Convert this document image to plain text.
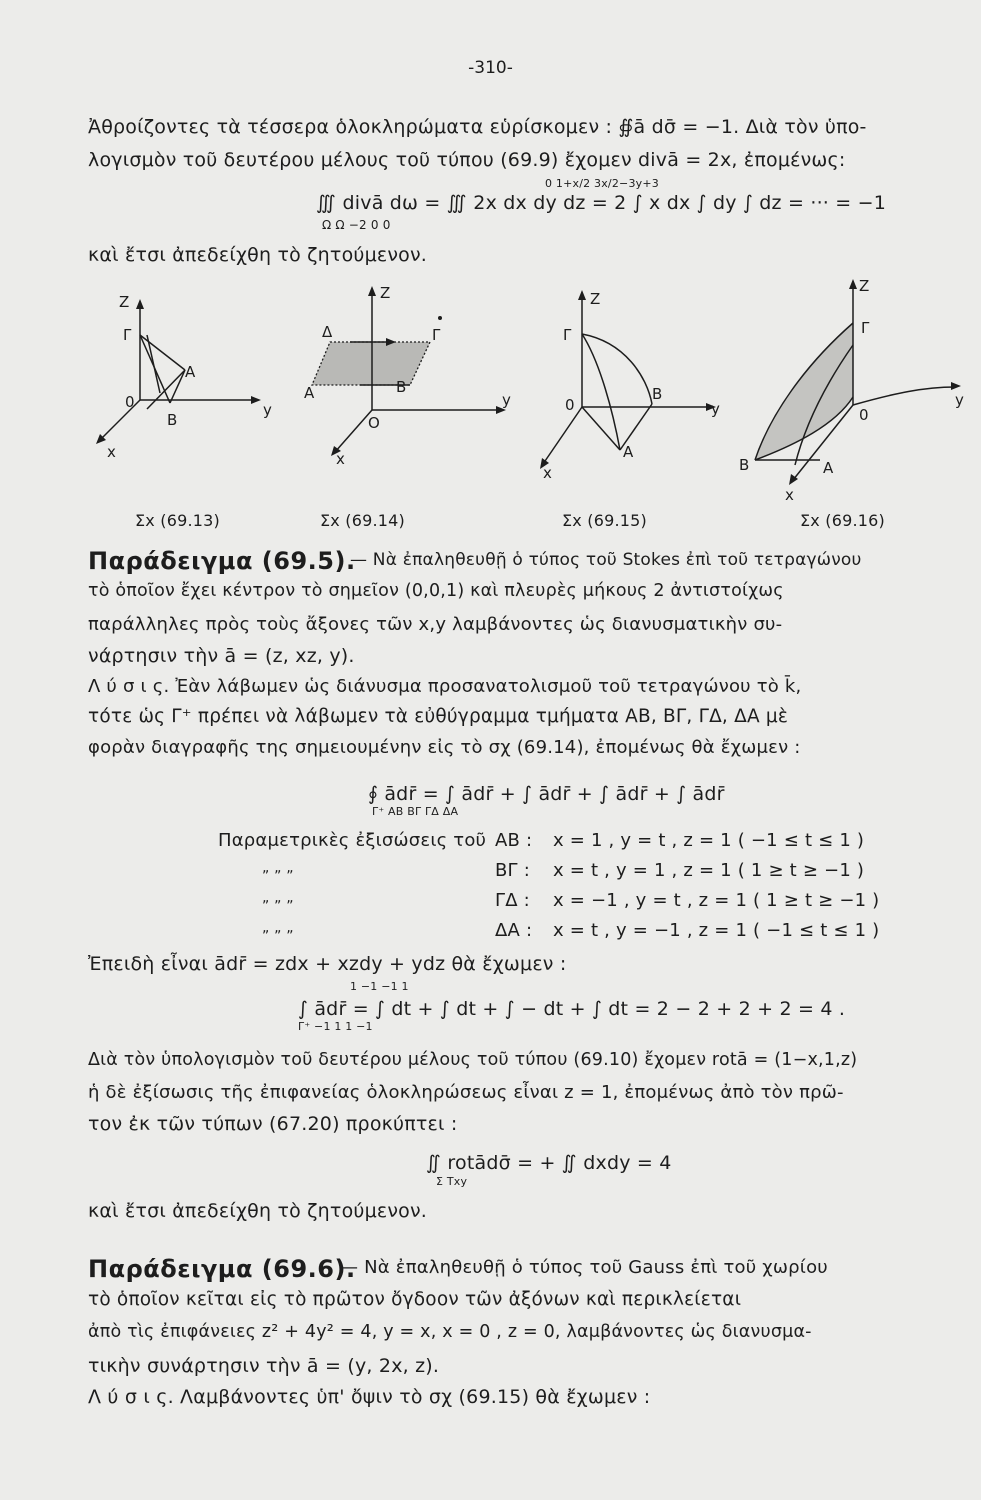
-310-
Ἀθροίζοντες τὰ τέσσερα ὁλοκληρώματα εὑρίσκομεν : ∯ā dσ̄ = −1. Διὰ τὸν ὑπο-
λογισμὸν τοῦ δευτέρου μέλους τοῦ τύπου (69.9) ἔχομεν divā = 2x, ἐπομένως:
0 1+x/2 3x/2−3y+3
∭ divā dω = ∭ 2x dx dy dz = 2 ∫ x dx ∫ dy ∫ dz = ··· = −1
Ω Ω −2 0 0
καὶ ἔτσι ἀπεδείχθη τὸ ζητούμενον.
Z
Γ
A
0
B
y
x
Σx (69.13)
Z
Δ	Γ
A	B
O
y
x
Σx (69.14)
Z
Γ
0
B
A
y
x
Σx (69.15)
Z
Γ
0
B	A
y
x
Σx (69.16)
Παράδειγμα (69.5).
— Νὰ ἐπαληθευθῇ ὁ τύπος τοῦ Stokes ἐπὶ τοῦ τετραγώνου
τὸ ὁποῖον ἔχει κέντρον τὸ σημεῖον (0,0,1) καὶ πλευρὲς μήκους 2 ἀντιστοίχως
παράλληλες πρὸς τοὺς ἄξονες τῶν x,y λαμβάνοντες ὡς διανυσματικὴν συ-
νάρτησιν τὴν ā = (z, xz, y).
Λ ύ σ ι ς. Ἐὰν λάβωμεν ὡς διάνυσμα προσανατολισμοῦ τοῦ τετραγώνου τὸ k̄,
τότε ὡς Γ⁺ πρέπει νὰ λάβωμεν τὰ εὐθύγραμμα τμήματα ΑΒ, ΒΓ, ΓΔ, ΔΑ μὲ
φορὰν διαγραφῆς της σημειουμένην εἰς τὸ σχ (69.14), ἐπομένως θὰ ἔχωμεν :
∮ ādr̄ = ∫ ādr̄ + ∫ ādr̄ + ∫ ādr̄ + ∫ ādr̄
Γ⁺ AB BΓ ΓΔ ΔA
Παραμετρικὲς ἐξισώσεις τοῦ AB : x = 1 , y = t , z = 1 ( −1 ≤ t ≤ 1 )
„ „ „	BΓ : x = t , y = 1 , z = 1 ( 1 ≥ t ≥ −1 )
„ „ „	ΓΔ : x = −1 , y = t , z = 1 ( 1 ≥ t ≥ −1 )
„ „ „	ΔA : x = t , y = −1 , z = 1 ( −1 ≤ t ≤ 1 )
Ἐπειδὴ εἶναι ādr̄ = zdx + xzdy + ydz θὰ ἔχωμεν :
1 −1 −1 1
∫ ādr̄ = ∫ dt + ∫ dt + ∫ − dt + ∫ dt = 2 − 2 + 2 + 2 = 4 .
Γ⁺ −1 1 1 −1
Διὰ τὸν ὑπολογισμὸν τοῦ δευτέρου μέλους τοῦ τύπου (69.10) ἔχομεν rotā = (1−x,1,z)
ἡ δὲ ἐξίσωσις τῆς ἐπιφανείας ὁλοκληρώσεως εἶναι z = 1, ἐπομένως ἀπὸ τὸν πρῶ-
τον ἐκ τῶν τύπων (67.20) προκύπτει :
∬ rotādσ̄ = + ∬ dxdy = 4
Σ Txy
καὶ ἔτσι ἀπεδείχθη τὸ ζητούμενον.
Παράδειγμα (69.6).
— Νὰ ἐπαληθευθῇ ὁ τύπος τοῦ Gauss ἐπὶ τοῦ χωρίου
τὸ ὁποῖον κεῖται εἰς τὸ πρῶτον ὄγδοον τῶν ἀξόνων καὶ περικλείεται
ἀπὸ τὶς ἐπιφάνειες z² + 4y² = 4, y = x, x = 0 , z = 0, λαμβάνοντες ὡς διανυσμα-
τικὴν συνάρτησιν τὴν ā = (y, 2x, z).
Λ ύ σ ι ς. Λαμβάνοντες ὑπ' ὄψιν τὸ σχ (69.15) θὰ ἔχωμεν :
